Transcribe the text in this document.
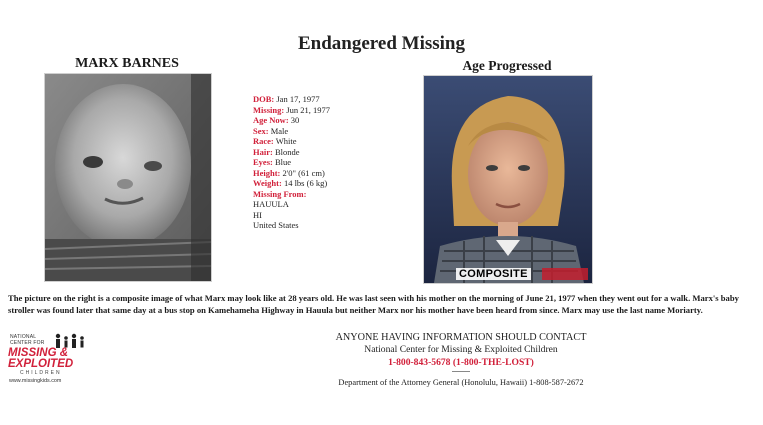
Endangered Missing
MARX BARNES	Age Progressed
COMPOSITE
DOB: Jan 17, 1977
Missing: Jun 21, 1977
Age Now: 30
Sex: Male
Race: White
Hair: Blonde
Eyes: Blue
Height: 2'0" (61 cm)
Weight: 14 lbs (6 kg)
Missing From:
HAUULA
HI
United States
The picture on the right is a composite image of what Marx may look like at 28 years old. He was last seen with his mother on the morning of June 21, 1977 when they went out for a walk. Marx's baby stroller was found later that same day at a bus stop on Kamehameha Highway in Hauula but neither Marx nor his mother have been heard from since. Marx may use the last name Moriarty.
NATIONAL
CENTER FOR
MISSING &
EXPLOITED
CHILDREN
www.missingkids.com
ANYONE HAVING INFORMATION SHOULD CONTACT
National Center for Missing & Exploited Children
1-800-843-5678 (1-800-THE-LOST)
Department of the Attorney General (Honolulu, Hawaii) 1-808-587-2672
